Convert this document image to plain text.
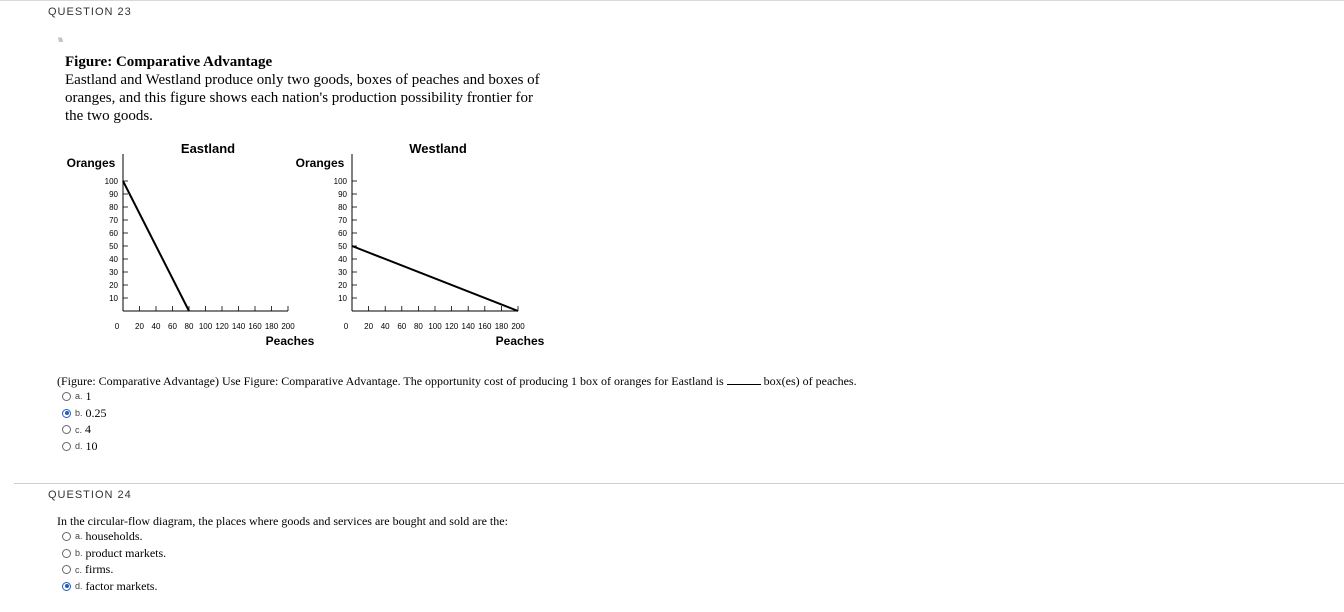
QUESTION 23
\\\\\\
Figure: Comparative Advantage
Eastland and Westland produce only two goods, boxes of peaches and boxes of oranges, and this figure shows each nation's production possibility frontier for the two goods.
Eastland
Oranges
10
20
30
40
50
60
70
80
90
100
20 40 60 80 100 120 140 160 180 200
0
Peaches
Westland
Oranges
10
20
30
40
50
60
70
80
90
100
20 40 60 80 100 120 140 160 180 200
0
Peaches
(Figure: Comparative Advantage) Use Figure: Comparative Advantage. The opportunity cost of producing 1 box of oranges for Eastland is	box(es) of peaches.
a. 1
b. 0.25
c. 4
d. 10
QUESTION 24
In the circular-flow diagram, the places where goods and services are bought and sold are the:
a. households.
b. product markets.
c. firms.
d. factor markets.
